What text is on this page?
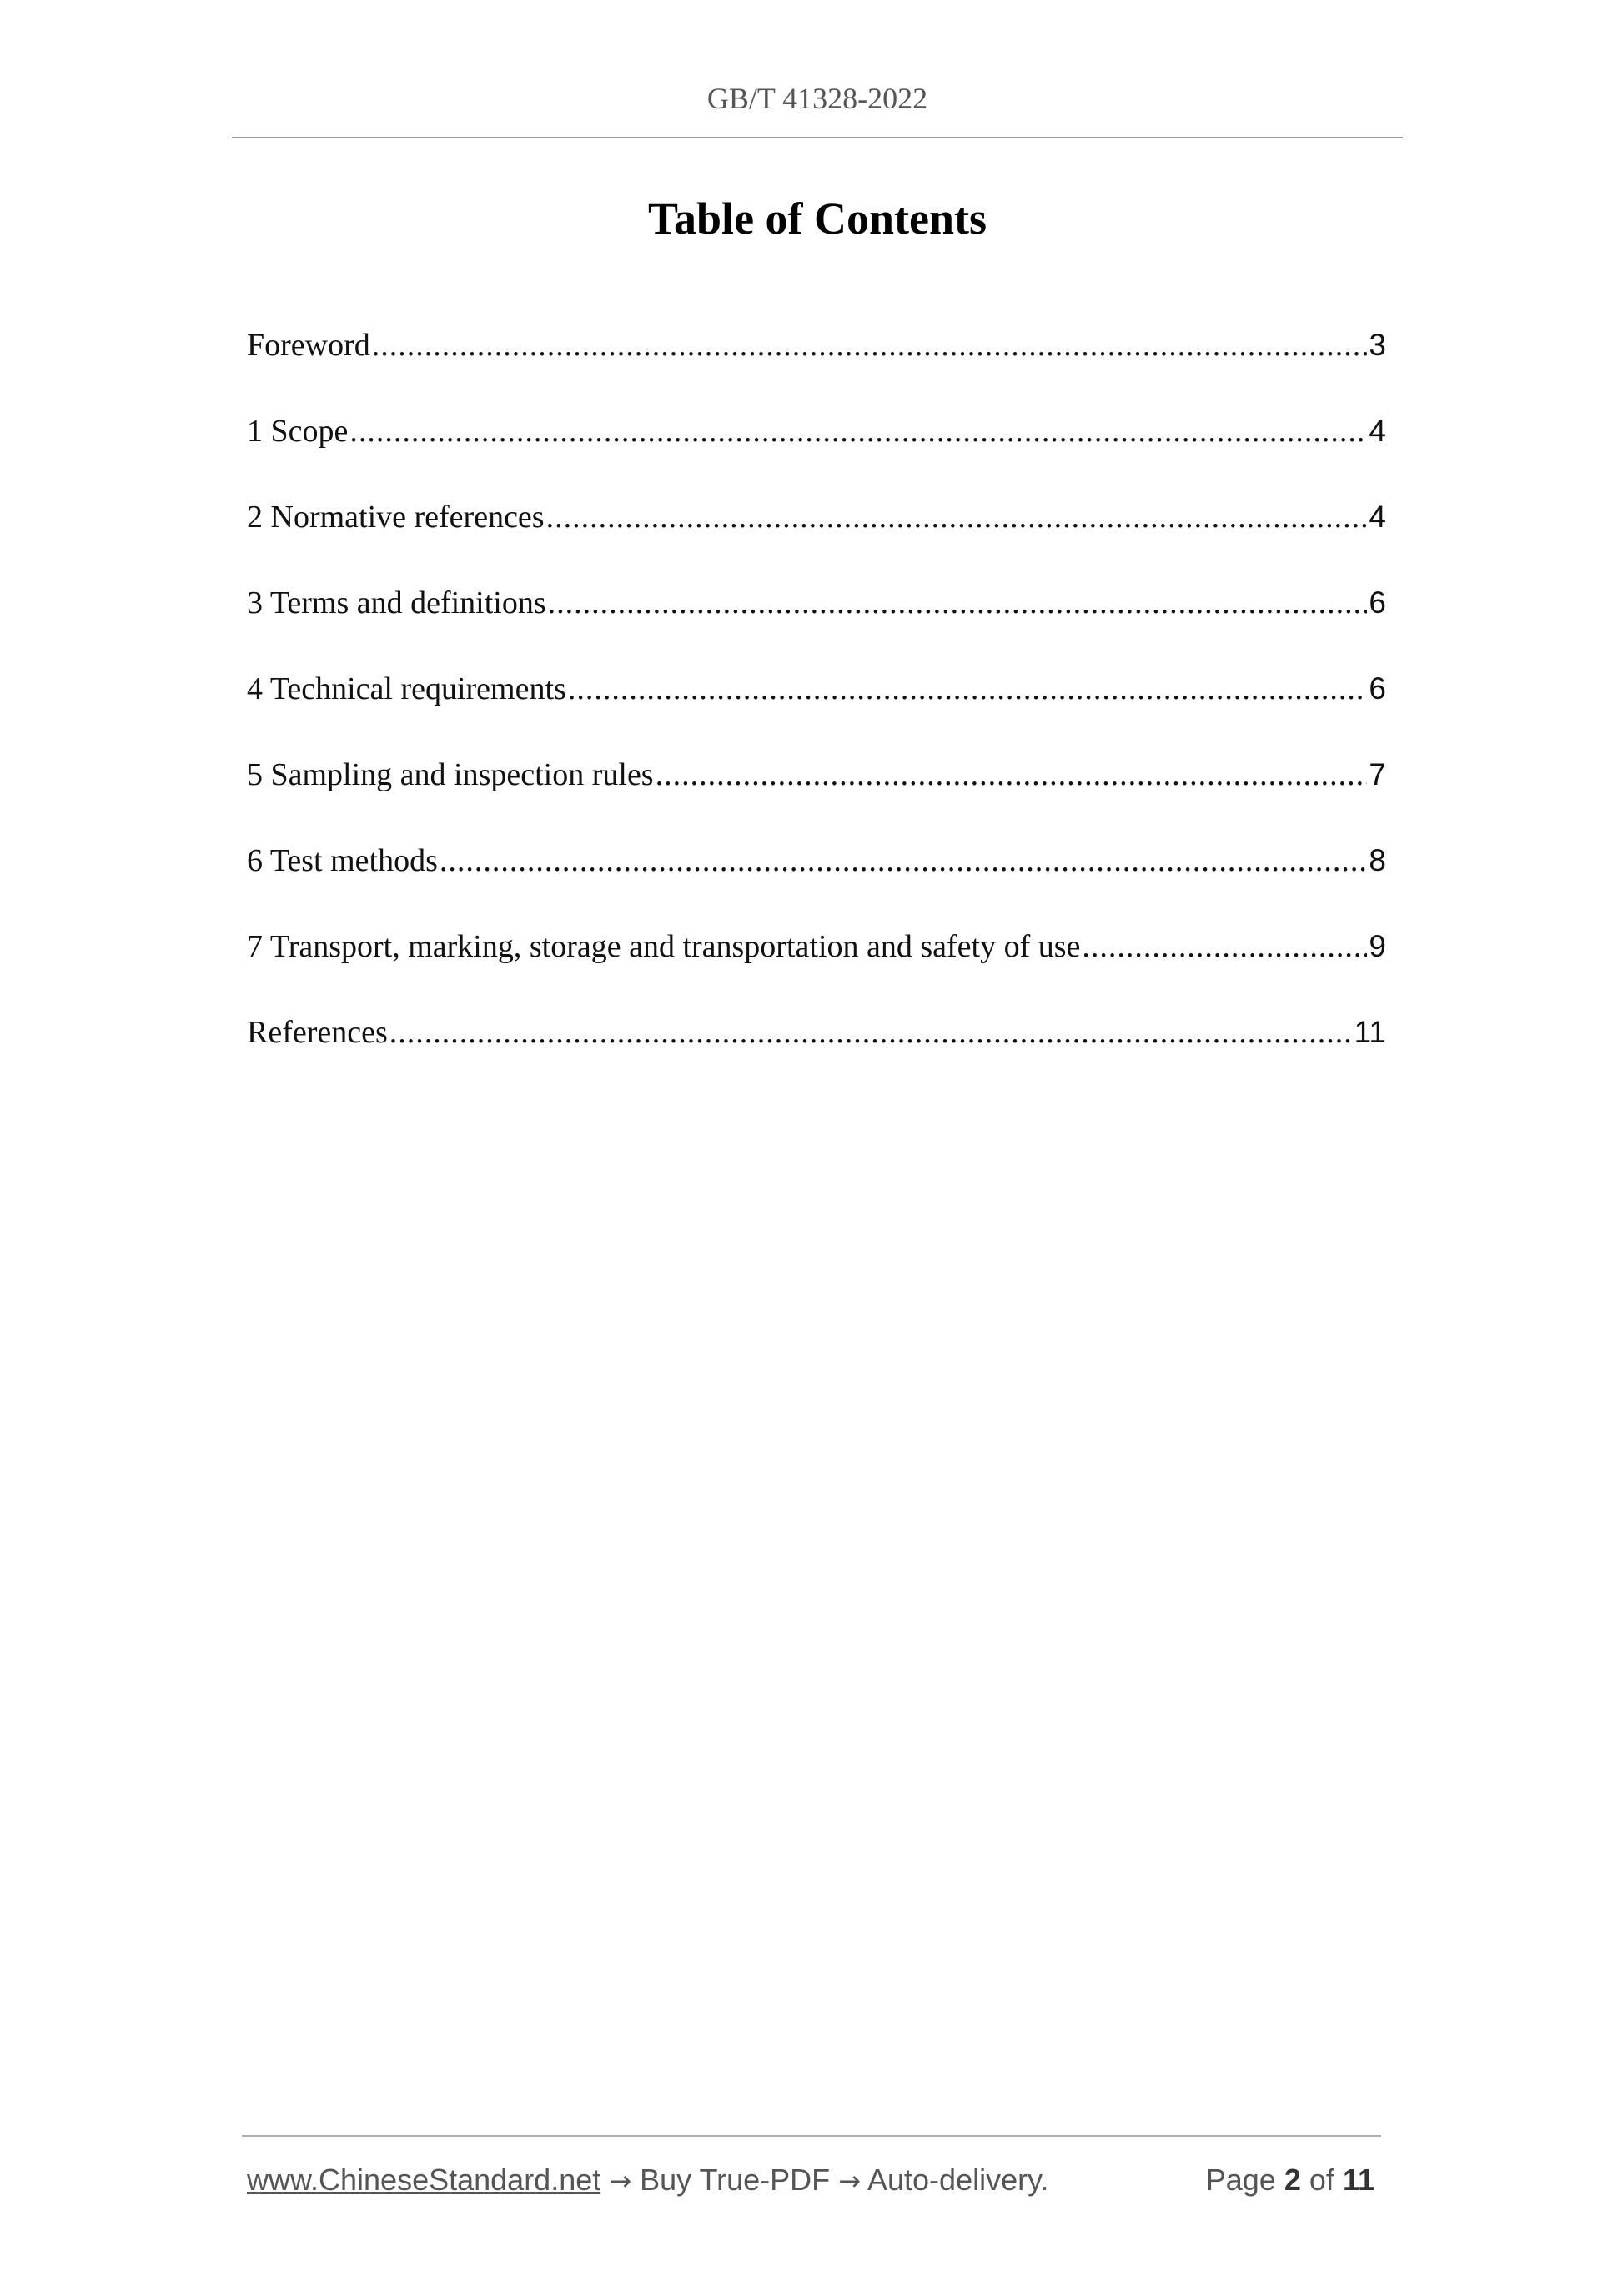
GB/T 41328-2022
Table of Contents
Foreword .....	3
1 Scope .....	4
2 Normative references .....	4
3 Terms and definitions .....	6
4 Technical requirements .....	6
5 Sampling and inspection rules .....	7
6 Test methods .....	8
7 Transport, marking, storage and transportation and safety of use .....	9
References .....	11
www.ChineseStandard.net → Buy True-PDF → Auto-delivery.	Page 2 of 11
